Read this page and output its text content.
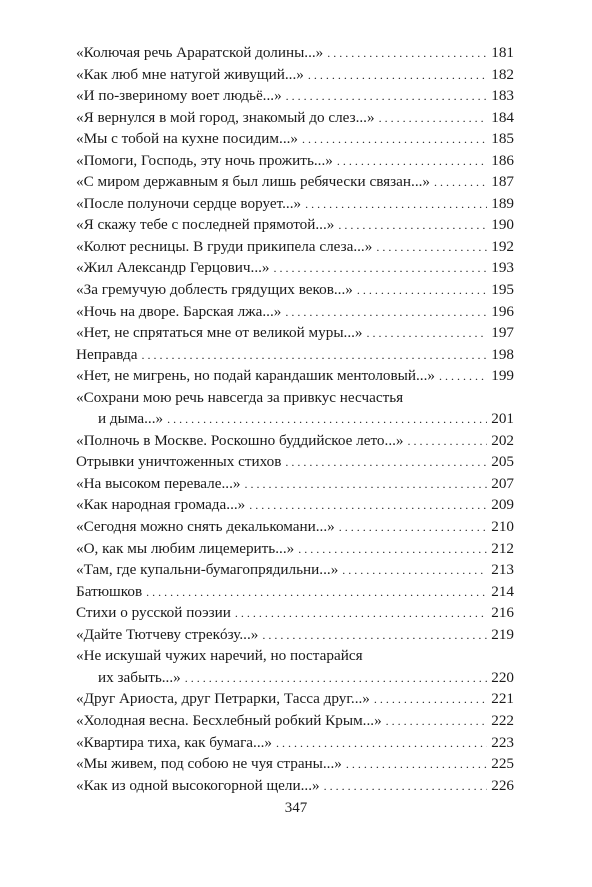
«Колючая речь Араратской долины...» . . .	181
«Как люб мне натугой живущий...» . . .	182
«И по-звериному воет людьё...» . . .	183
«Я вернулся в мой город, знакомый до слез...» . . .	184
«Мы с тобой на кухне посидим...» . . .	185
«Помоги, Господь, эту ночь прожить...» . . .	186
«С миром державным я был лишь ребячески связан...» . . .	187
«После полуночи сердце ворует...» . . .	189
«Я скажу тебе с последней прямотой...» . . .	190
«Колют ресницы. В груди прикипела слеза...» . . .	192
«Жил Александр Герцович...» . . .	193
«За гремучую доблесть грядущих веков...» . . .	195
«Ночь на дворе. Барская лжа...» . . .	196
«Нет, не спрятаться мне от великой муры...» . . .	197
Неправда . . .	198
«Нет, не мигрень, но подай карандашик ментоловый...» . . .	199
«Сохрани мою речь навсегда за привкус несчастья
и дыма...» . . .	201
«Полночь в Москве. Роскошно буддийское лето...» . . .	202
Отрывки уничтоженных стихов . . .	205
«На высоком перевале...» . . .	207
«Как народная громада...» . . .	209
«Сегодня можно снять декалькомани...» . . .	210
«О, как мы любим лицемерить...» . . .	212
«Там, где купальни-бумагопрядильни...» . . .	213
Батюшков . . .	214
Стихи о русской поэзии . . .	216
«Дайте Тютчеву стрекóзу...» . . .	219
«Не искушай чужих наречий, но постарайся
их забыть...» . . .	220
«Друг Ариоста, друг Петрарки, Тасса друг...» . . .	221
«Холодная весна. Бесхлебный робкий Крым...» . . .	222
«Квартира тиха, как бумага...» . . .	223
«Мы живем, под собою не чуя страны...» . . .	225
«Как из одной высокогорной щели...» . . .	226
347
